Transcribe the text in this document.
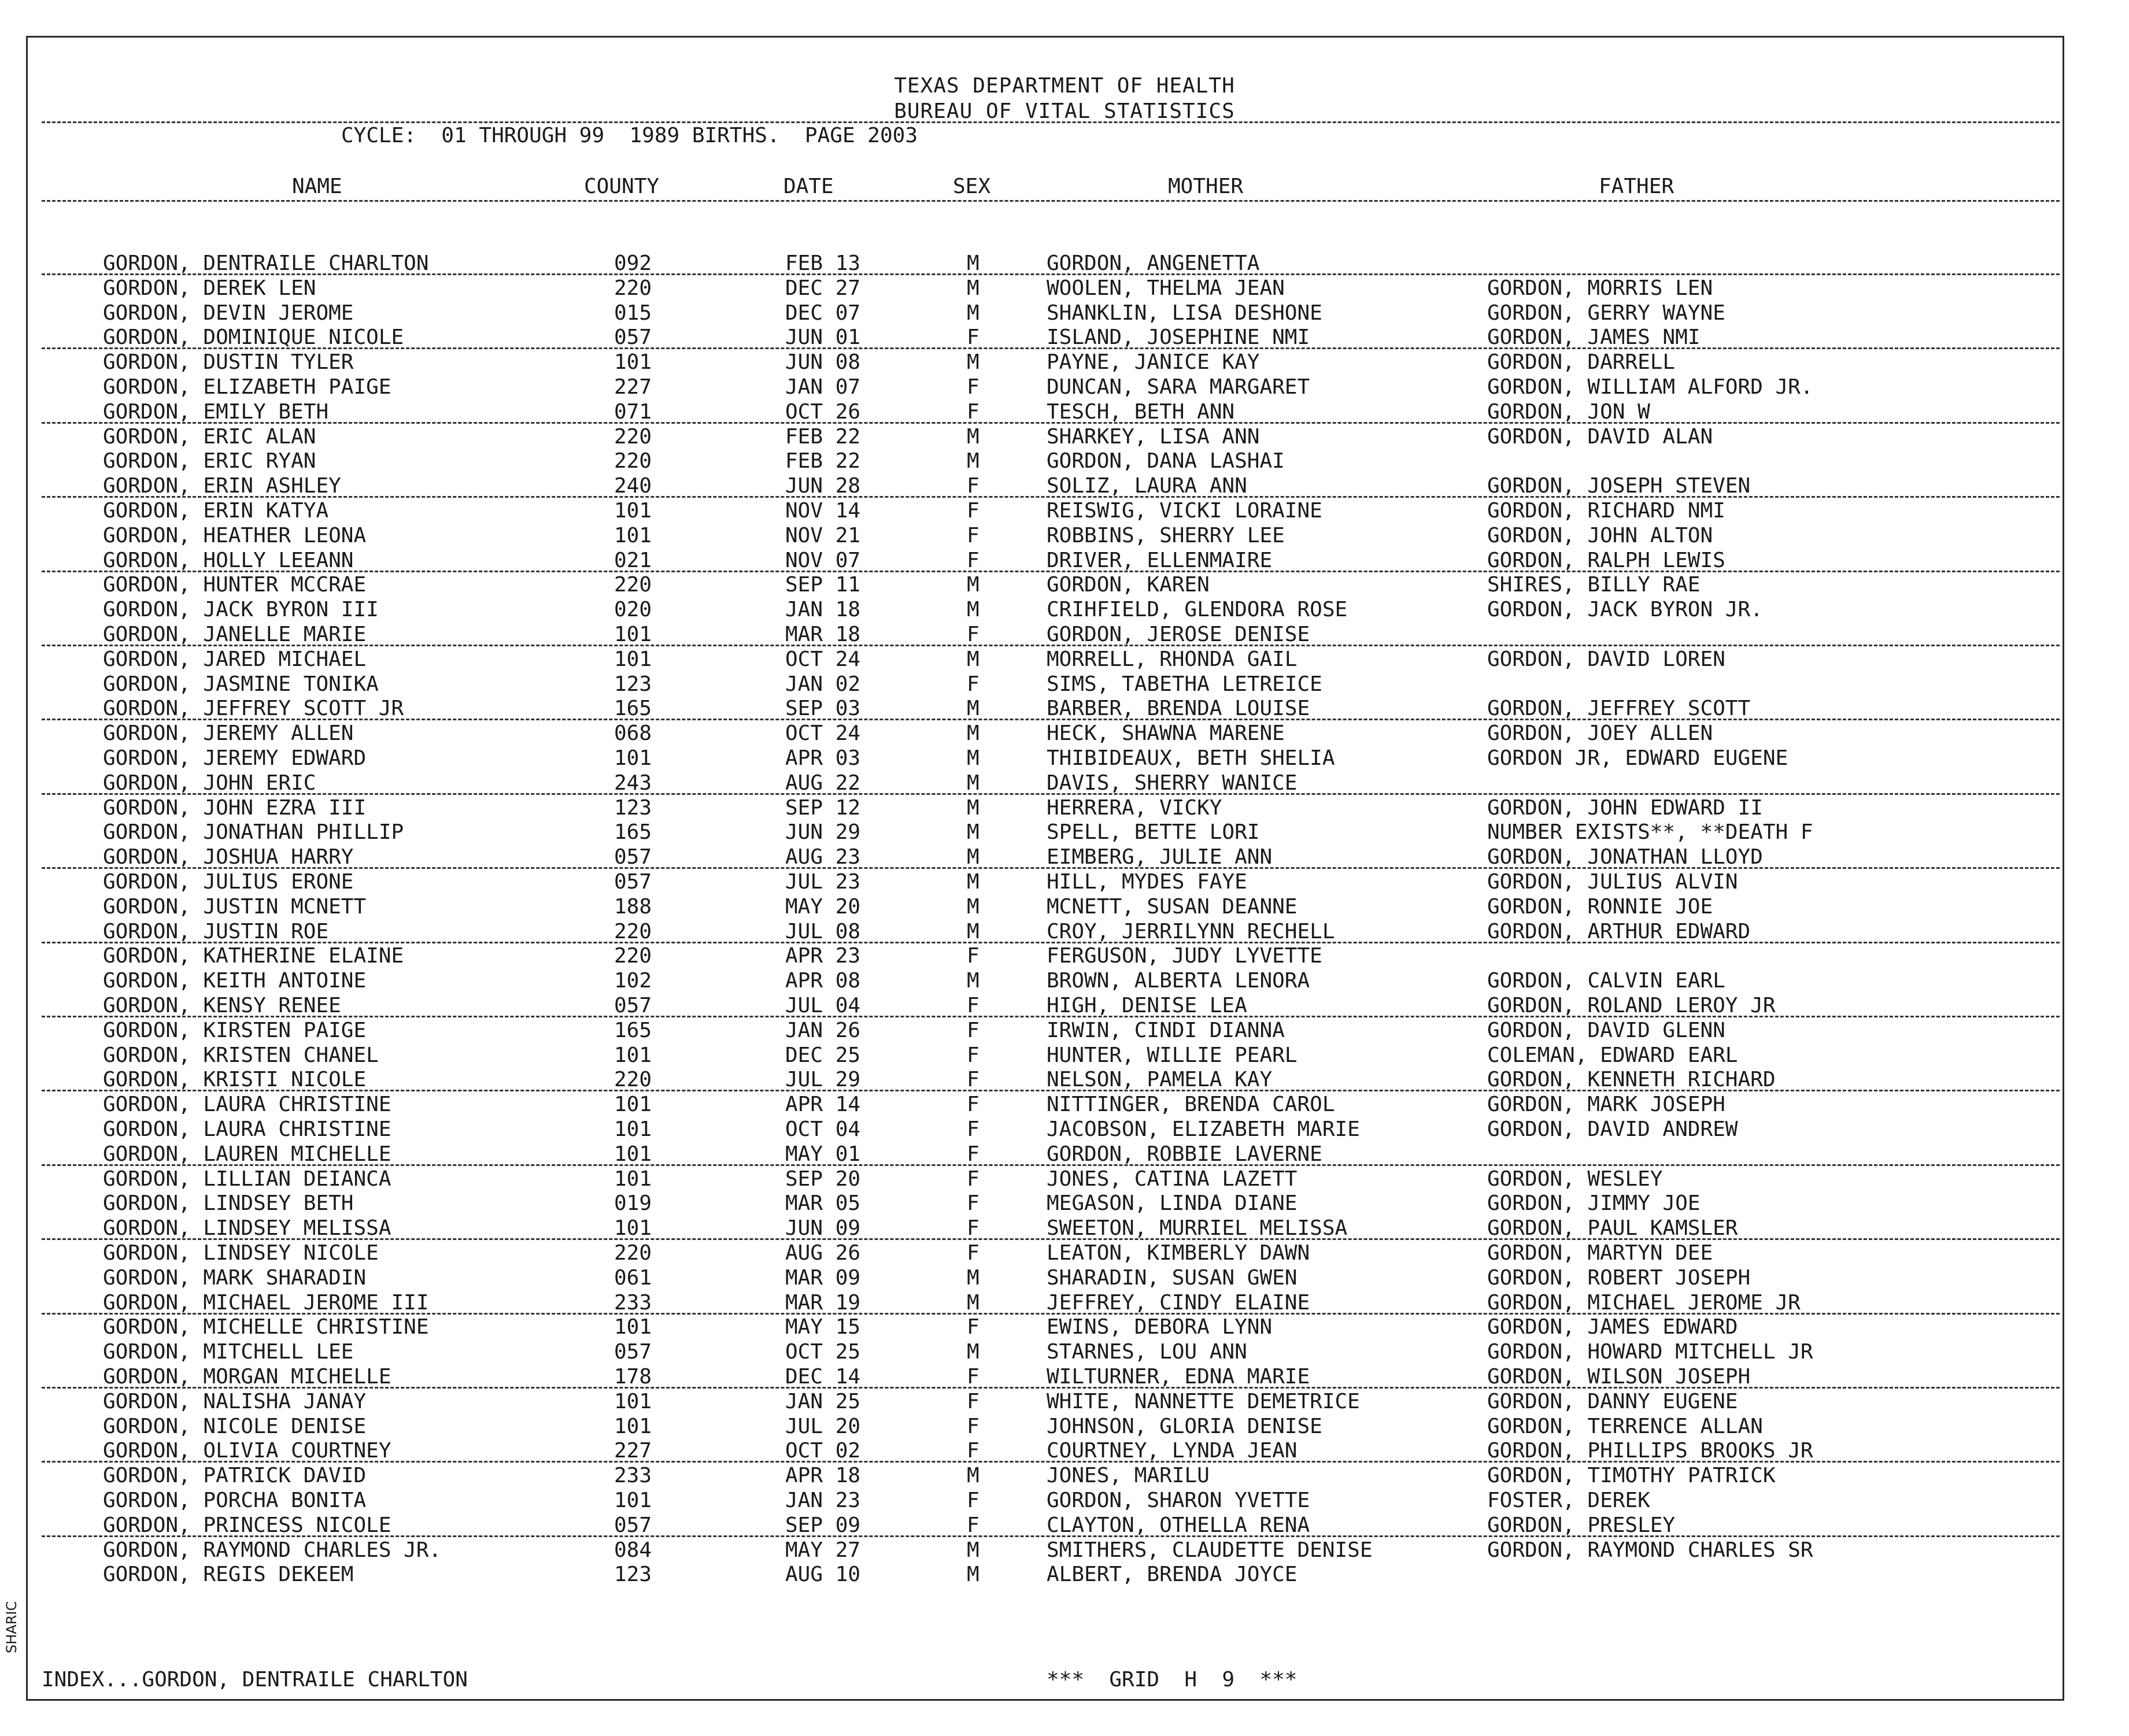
TEXAS DEPARTMENT OF HEALTH
BUREAU OF VITAL STATISTICS
CYCLE:  01 THROUGH 99  1989 BIRTHS.  PAGE 2003
NAME	COUNTY	DATE	SEX	MOTHER	FATHER
GORDON, DENTRAILE CHARLTON	092	FEB 13	M	GORDON, ANGENETTA
GORDON, DEREK LEN	220	DEC 27	M	WOOLEN, THELMA JEAN	GORDON, MORRIS LEN
GORDON, DEVIN JEROME	015	DEC 07	M	SHANKLIN, LISA DESHONE	GORDON, GERRY WAYNE
GORDON, DOMINIQUE NICOLE	057	JUN 01	F	ISLAND, JOSEPHINE NMI	GORDON, JAMES NMI
GORDON, DUSTIN TYLER	101	JUN 08	M	PAYNE, JANICE KAY	GORDON, DARRELL
GORDON, ELIZABETH PAIGE	227	JAN 07	F	DUNCAN, SARA MARGARET	GORDON, WILLIAM ALFORD JR.
GORDON, EMILY BETH	071	OCT 26	F	TESCH, BETH ANN	GORDON, JON W
GORDON, ERIC ALAN	220	FEB 22	M	SHARKEY, LISA ANN	GORDON, DAVID ALAN
GORDON, ERIC RYAN	220	FEB 22	M	GORDON, DANA LASHAI
GORDON, ERIN ASHLEY	240	JUN 28	F	SOLIZ, LAURA ANN	GORDON, JOSEPH STEVEN
GORDON, ERIN KATYA	101	NOV 14	F	REISWIG, VICKI LORAINE	GORDON, RICHARD NMI
GORDON, HEATHER LEONA	101	NOV 21	F	ROBBINS, SHERRY LEE	GORDON, JOHN ALTON
GORDON, HOLLY LEEANN	021	NOV 07	F	DRIVER, ELLENMAIRE	GORDON, RALPH LEWIS
GORDON, HUNTER MCCRAE	220	SEP 11	M	GORDON, KAREN	SHIRES, BILLY RAE
GORDON, JACK BYRON III	020	JAN 18	M	CRIHFIELD, GLENDORA ROSE	GORDON, JACK BYRON JR.
GORDON, JANELLE MARIE	101	MAR 18	F	GORDON, JEROSE DENISE
GORDON, JARED MICHAEL	101	OCT 24	M	MORRELL, RHONDA GAIL	GORDON, DAVID LOREN
GORDON, JASMINE TONIKA	123	JAN 02	F	SIMS, TABETHA LETREICE
GORDON, JEFFREY SCOTT JR	165	SEP 03	M	BARBER, BRENDA LOUISE	GORDON, JEFFREY SCOTT
GORDON, JEREMY ALLEN	068	OCT 24	M	HECK, SHAWNA MARENE	GORDON, JOEY ALLEN
GORDON, JEREMY EDWARD	101	APR 03	M	THIBIDEAUX, BETH SHELIA	GORDON JR, EDWARD EUGENE
GORDON, JOHN ERIC	243	AUG 22	M	DAVIS, SHERRY WANICE
GORDON, JOHN EZRA III	123	SEP 12	M	HERRERA, VICKY	GORDON, JOHN EDWARD II
GORDON, JONATHAN PHILLIP	165	JUN 29	M	SPELL, BETTE LORI	NUMBER EXISTS**, **DEATH F
GORDON, JOSHUA HARRY	057	AUG 23	M	EIMBERG, JULIE ANN	GORDON, JONATHAN LLOYD
GORDON, JULIUS ERONE	057	JUL 23	M	HILL, MYDES FAYE	GORDON, JULIUS ALVIN
GORDON, JUSTIN MCNETT	188	MAY 20	M	MCNETT, SUSAN DEANNE	GORDON, RONNIE JOE
GORDON, JUSTIN ROE	220	JUL 08	M	CROY, JERRILYNN RECHELL	GORDON, ARTHUR EDWARD
GORDON, KATHERINE ELAINE	220	APR 23	F	FERGUSON, JUDY LYVETTE
GORDON, KEITH ANTOINE	102	APR 08	M	BROWN, ALBERTA LENORA	GORDON, CALVIN EARL
GORDON, KENSY RENEE	057	JUL 04	F	HIGH, DENISE LEA	GORDON, ROLAND LEROY JR
GORDON, KIRSTEN PAIGE	165	JAN 26	F	IRWIN, CINDI DIANNA	GORDON, DAVID GLENN
GORDON, KRISTEN CHANEL	101	DEC 25	F	HUNTER, WILLIE PEARL	COLEMAN, EDWARD EARL
GORDON, KRISTI NICOLE	220	JUL 29	F	NELSON, PAMELA KAY	GORDON, KENNETH RICHARD
GORDON, LAURA CHRISTINE	101	APR 14	F	NITTINGER, BRENDA CAROL	GORDON, MARK JOSEPH
GORDON, LAURA CHRISTINE	101	OCT 04	F	JACOBSON, ELIZABETH MARIE	GORDON, DAVID ANDREW
GORDON, LAUREN MICHELLE	101	MAY 01	F	GORDON, ROBBIE LAVERNE
GORDON, LILLIAN DEIANCA	101	SEP 20	F	JONES, CATINA LAZETT	GORDON, WESLEY
GORDON, LINDSEY BETH	019	MAR 05	F	MEGASON, LINDA DIANE	GORDON, JIMMY JOE
GORDON, LINDSEY MELISSA	101	JUN 09	F	SWEETON, MURRIEL MELISSA	GORDON, PAUL KAMSLER
GORDON, LINDSEY NICOLE	220	AUG 26	F	LEATON, KIMBERLY DAWN	GORDON, MARTYN DEE
GORDON, MARK SHARADIN	061	MAR 09	M	SHARADIN, SUSAN GWEN	GORDON, ROBERT JOSEPH
GORDON, MICHAEL JEROME III	233	MAR 19	M	JEFFREY, CINDY ELAINE	GORDON, MICHAEL JEROME JR
GORDON, MICHELLE CHRISTINE	101	MAY 15	F	EWINS, DEBORA LYNN	GORDON, JAMES EDWARD
GORDON, MITCHELL LEE	057	OCT 25	M	STARNES, LOU ANN	GORDON, HOWARD MITCHELL JR
GORDON, MORGAN MICHELLE	178	DEC 14	F	WILTURNER, EDNA MARIE	GORDON, WILSON JOSEPH
GORDON, NALISHA JANAY	101	JAN 25	F	WHITE, NANNETTE DEMETRICE	GORDON, DANNY EUGENE
GORDON, NICOLE DENISE	101	JUL 20	F	JOHNSON, GLORIA DENISE	GORDON, TERRENCE ALLAN
GORDON, OLIVIA COURTNEY	227	OCT 02	F	COURTNEY, LYNDA JEAN	GORDON, PHILLIPS BROOKS JR
GORDON, PATRICK DAVID	233	APR 18	M	JONES, MARILU	GORDON, TIMOTHY PATRICK
GORDON, PORCHA BONITA	101	JAN 23	F	GORDON, SHARON YVETTE	FOSTER, DEREK
GORDON, PRINCESS NICOLE	057	SEP 09	F	CLAYTON, OTHELLA RENA	GORDON, PRESLEY
GORDON, RAYMOND CHARLES JR.	084	MAY 27	M	SMITHERS, CLAUDETTE DENISE	GORDON, RAYMOND CHARLES SR
GORDON, REGIS DEKEEM	123	AUG 10	M	ALBERT, BRENDA JOYCE
INDEX...GORDON, DENTRAILE CHARLTON	***  GRID  H  9  ***
SHARIC
